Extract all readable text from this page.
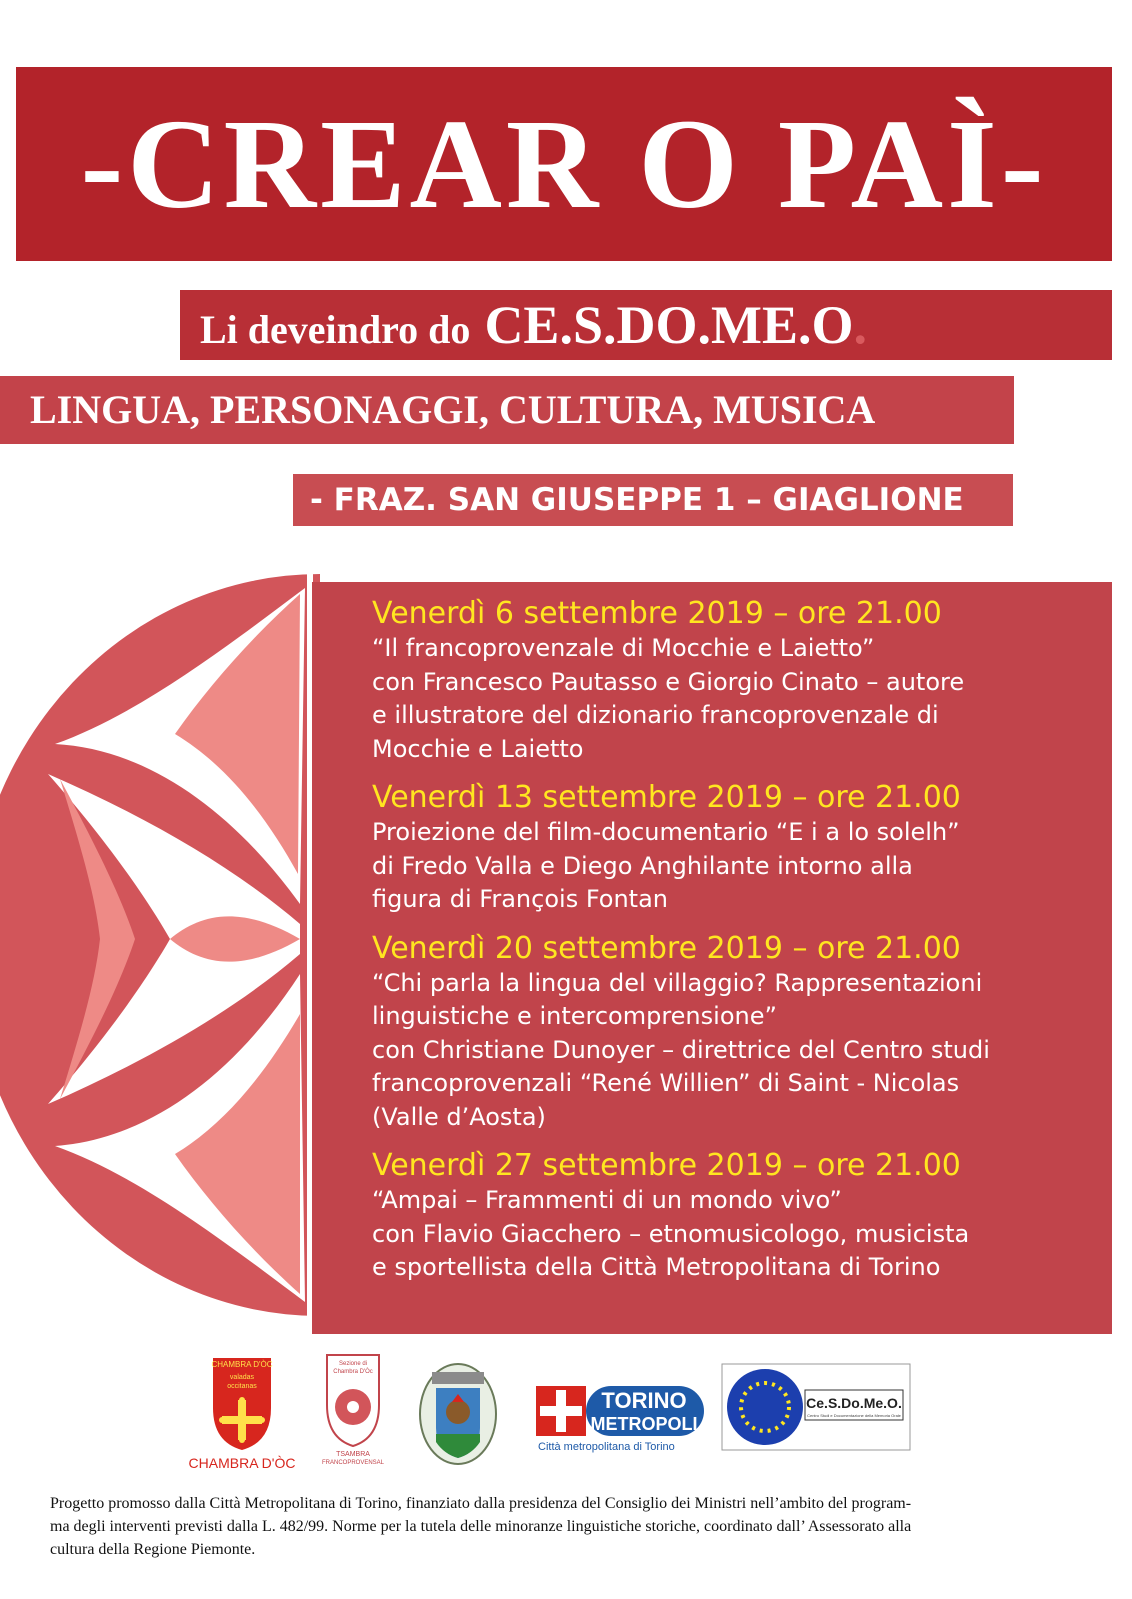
-CREAR O PAÌ-
Li deveindro do CE.S.DO.ME.O .
LINGUA, PERSONAGGI, CULTURA, MUSICA
- FRAZ. SAN GIUSEPPE 1 – GIAGLIONE
Venerdì 6 settembre 2019 – ore 21.00
“Il francoprovenzale di Mocchie e Laietto”
con Francesco Pautasso e Giorgio Cinato – autore
e illustratore del dizionario francoprovenzale di
Mocchie e Laietto
Venerdì 13 settembre 2019 – ore 21.00
Proiezione del film-documentario “E i a lo solelh”
di Fredo Valla e Diego Anghilante intorno alla
figura di François Fontan
Venerdì 20 settembre 2019 – ore 21.00
“Chi parla la lingua del villaggio? Rappresentazioni
linguistiche e intercomprensione”
con Christiane Dunoyer – direttrice del Centro studi
francoprovenzali “René Willien” di Saint - Nicolas
(Valle d’Aosta)
Venerdì 27 settembre 2019 – ore 21.00
“Ampai – Frammenti di un mondo vivo”
con Flavio Giacchero – etnomusicologo, musicista
e sportellista della Città Metropolitana di Torino
CHAMBRA D'ÒC
valadas
occitanas
CHAMBRA D'ÒC
Sezione di
Chambra D'Òc
TSAMBRA
FRANCOPROVENSAL
TORINO
METROPOLI
Città metropolitana di Torino
Ce.S.Do.Me.O.
Centro Studi e Documentazione della Memoria Orale
Progetto promosso dalla Città Metropolitana di Torino, finanziato dalla presidenza del Consiglio dei Ministri nell’ambito del program-
ma degli interventi previsti dalla L. 482/99. Norme per la tutela delle minoranze linguistiche storiche, coordinato dall’ Assessorato alla
cultura della Regione Piemonte.
